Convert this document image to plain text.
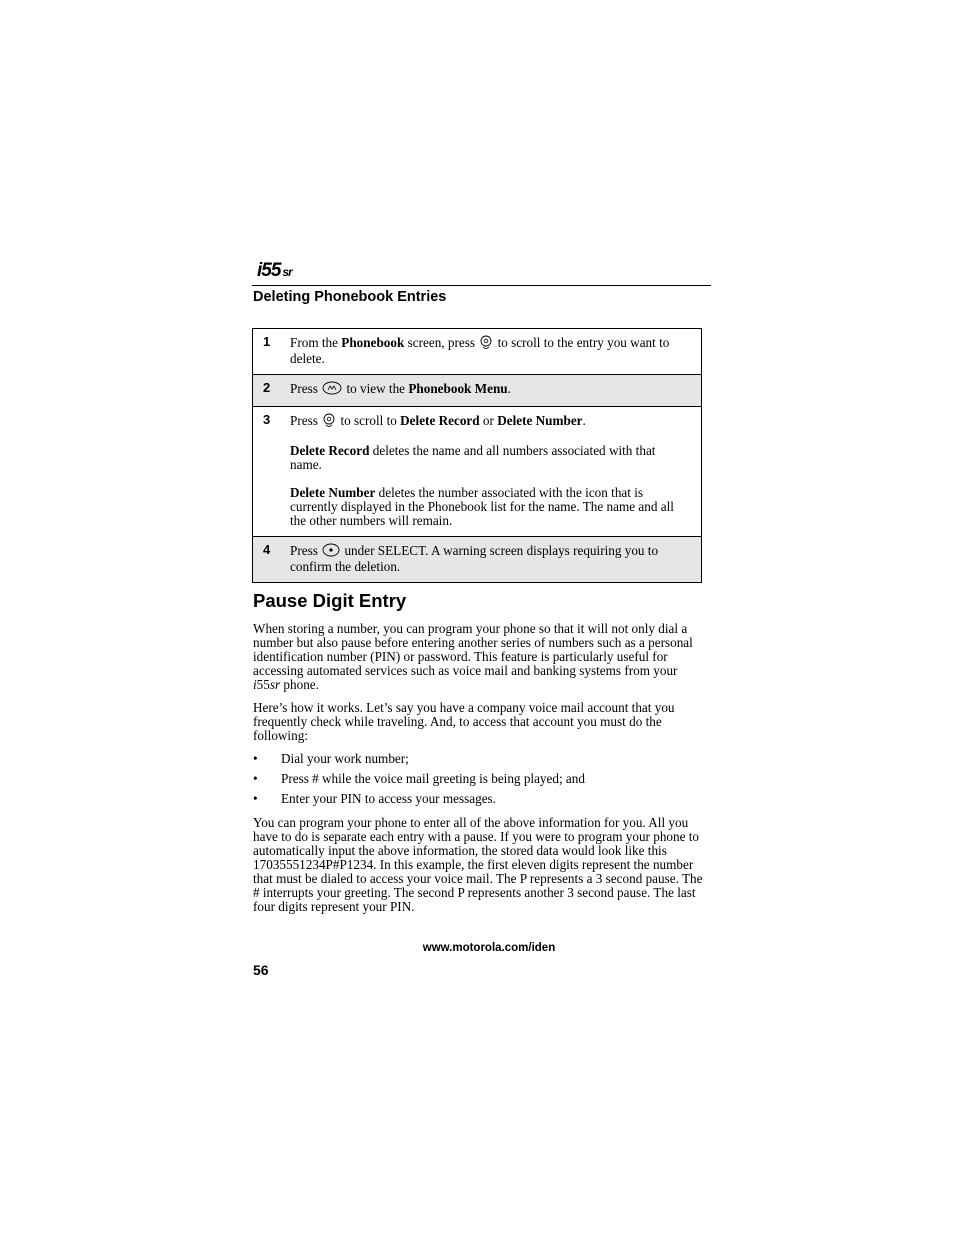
i55 sr
Deleting Phonebook Entries
1	From the Phonebook screen, press  to scroll to the entry you want to delete.

2	Press  to view the Phonebook Menu.

3	Press  to scroll to Delete Record or Delete Number.

Delete Record deletes the name and all numbers associated with that name.

Delete Number deletes the number associated with the icon that is currently displayed in the Phonebook list for the name. The name and all the other numbers will remain.

4	Press  under SELECT. A warning screen displays requiring you to confirm the deletion.

Pause Digit Entry

When storing a number, you can program your phone so that it will not only dial a number but also pause before entering another series of numbers such as a personal identification number (PIN) or password. This feature is particularly useful for accessing automated services such as voice mail and banking systems from your i55sr phone.

Here’s how it works. Let’s say you have a company voice mail account that you frequently check while traveling. And, to access that account you must do the following:

• Dial your work number;
• Press # while the voice mail greeting is being played; and
• Enter your PIN to access your messages.

You can program your phone to enter all of the above information for you. All you have to do is separate each entry with a pause. If you were to program your phone to automatically input the above information, the stored data would look like this 17035551234P#P1234. In this example, the first eleven digits represent the number that must be dialed to access your voice mail. The P represents a 3 second pause. The # interrupts your greeting. The second P represents another 3 second pause. The last four digits represent your PIN.

www.motorola.com/iden
56
